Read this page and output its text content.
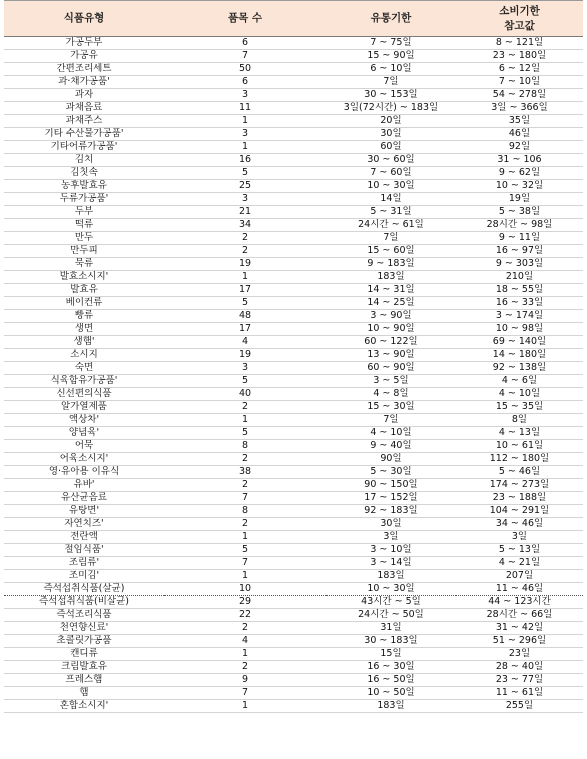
식품유형	품목 수	유통기한	소비기한
참고값

가공두부	6	7 ~ 75일	8 ~ 121일
가공유	7	15 ~ 90일	23 ~ 180일
간편조리세트	50	6 ~ 10일	6 ~ 12일
과·채가공품'	6	7일	7 ~ 10일
과자	3	30 ~ 153일	54 ~ 278일
과채음료	11	3일(72시간) ~ 183일	3일 ~ 366일
과채주스	1	20일	35일
기타 수산물가공품'	3	30일	46일
기타어류가공품'	1	60일	92일
김치	16	30 ~ 60일	31 ~ 106
김칫속	5	7 ~ 60일	9 ~ 62일
농후발효유	25	10 ~ 30일	10 ~ 32일
두류가공품'	3	14일	19일
두부	21	5 ~ 31일	5 ~ 38일
떡류	34	24시간 ~ 61일	28시간 ~ 98일
만두	2	7일	9 ~ 11일
만두피	2	15 ~ 60일	16 ~ 97일
묵류	19	9 ~ 183일	9 ~ 303일
발효소시지'	1	183일	210일
발효유	17	14 ~ 31일	18 ~ 55일
베이컨류	5	14 ~ 25일	16 ~ 33일
빵류	48	3 ~ 90일	3 ~ 174일
생면	17	10 ~ 90일	10 ~ 98일
생햄'	4	60 ~ 122일	69 ~ 140일
소시지	19	13 ~ 90일	14 ~ 180일
숙면	3	60 ~ 90일	92 ~ 138일
식육함유가공품'	5	3 ~ 5일	4 ~ 6일
신선편의식품	40	4 ~ 8일	4 ~ 10일
알가열제품	2	15 ~ 30일	15 ~ 35일
액상차'	1	7일	8일
양념육'	5	4 ~ 10일	4 ~ 13일
어묵	8	9 ~ 40일	10 ~ 61일
어육소시지'	2	90일	112 ~ 180일
영·유아용 이유식	38	5 ~ 30일	5 ~ 46일
유바'	2	90 ~ 150일	174 ~ 273일
유산균음료	7	17 ~ 152일	23 ~ 188일
유탕면'	8	92 ~ 183일	104 ~ 291일
자연치즈'	2	30일	34 ~ 46일
전란액	1	3일	3일
절임식품'	5	3 ~ 10일	5 ~ 13일
조림류'	7	3 ~ 14일	4 ~ 21일
조미김'	1	183일	207일
즉석섭취식품(살균)	10	10 ~ 30일	11 ~ 46일
즉석섭취식품(비살균)	29	43시간 ~ 5일	44 ~ 123시간
즉석조리식품	22	24시간 ~ 50일	28시간 ~ 66일
천연향신료'	2	31일	31 ~ 42일
초콜릿가공품	4	30 ~ 183일	51 ~ 296일
캔디류	1	15일	23일
크림발효유	2	16 ~ 30일	28 ~ 40일
프레스햄	9	16 ~ 50일	23 ~ 77일
햄	7	10 ~ 50일	11 ~ 61일
혼합소시지'	1	183일	255일
